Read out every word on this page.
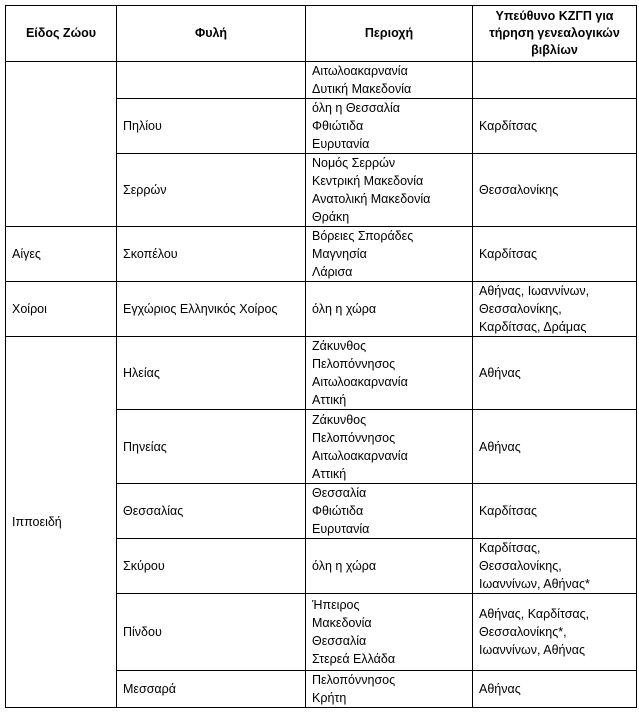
Είδος Ζώου	Φυλή	Περιοχή	Υπεύθυνο ΚΖΓΠ για τήρηση γενεαλογικών βιβλίων

		Αιτωλοακαρνανία
Δυτική Μακεδονία	

	Πηλίου	όλη η Θεσσαλία
Φθιώτιδα
Ευρυτανία	Καρδίτσας

	Σερρών	Νομός Σερρών
Κεντρική Μακεδονία
Ανατολική Μακεδονία
Θράκη	Θεσσαλονίκης

Αίγες	Σκοπέλου	Βόρειες Σποράδες
Μαγνησία
Λάρισα	Καρδίτσας

Χοίροι	Εγχώριος Ελληνικός Χοίρος	όλη η χώρα	Αθήνας, Ιωαννίνων,
Θεσσαλονίκης,
Καρδίτσας, Δράμας

Ιπποειδή	Ηλείας	Ζάκυνθος
Πελοπόννησος
Αιτωλοακαρνανία
Αττική	Αθήνας

	Πηνείας	Ζάκυνθος
Πελοπόννησος
Αιτωλοακαρνανία
Αττική	Αθήνας

	Θεσσαλίας	Θεσσαλία
Φθιώτιδα
Ευρυτανία	Καρδίτσας

	Σκύρου	όλη η χώρα	Καρδίτσας,
Θεσσαλονίκης,
Ιωαννίνων, Αθήνας*

	Πίνδου	Ήπειρος
Μακεδονία
Θεσσαλία
Στερεά Ελλάδα	Αθήνας, Καρδίτσας,
Θεσσαλονίκης*,
Ιωαννίνων, Αθήνας

	Μεσσαρά	Πελοπόννησος
Κρήτη	Αθήνας
